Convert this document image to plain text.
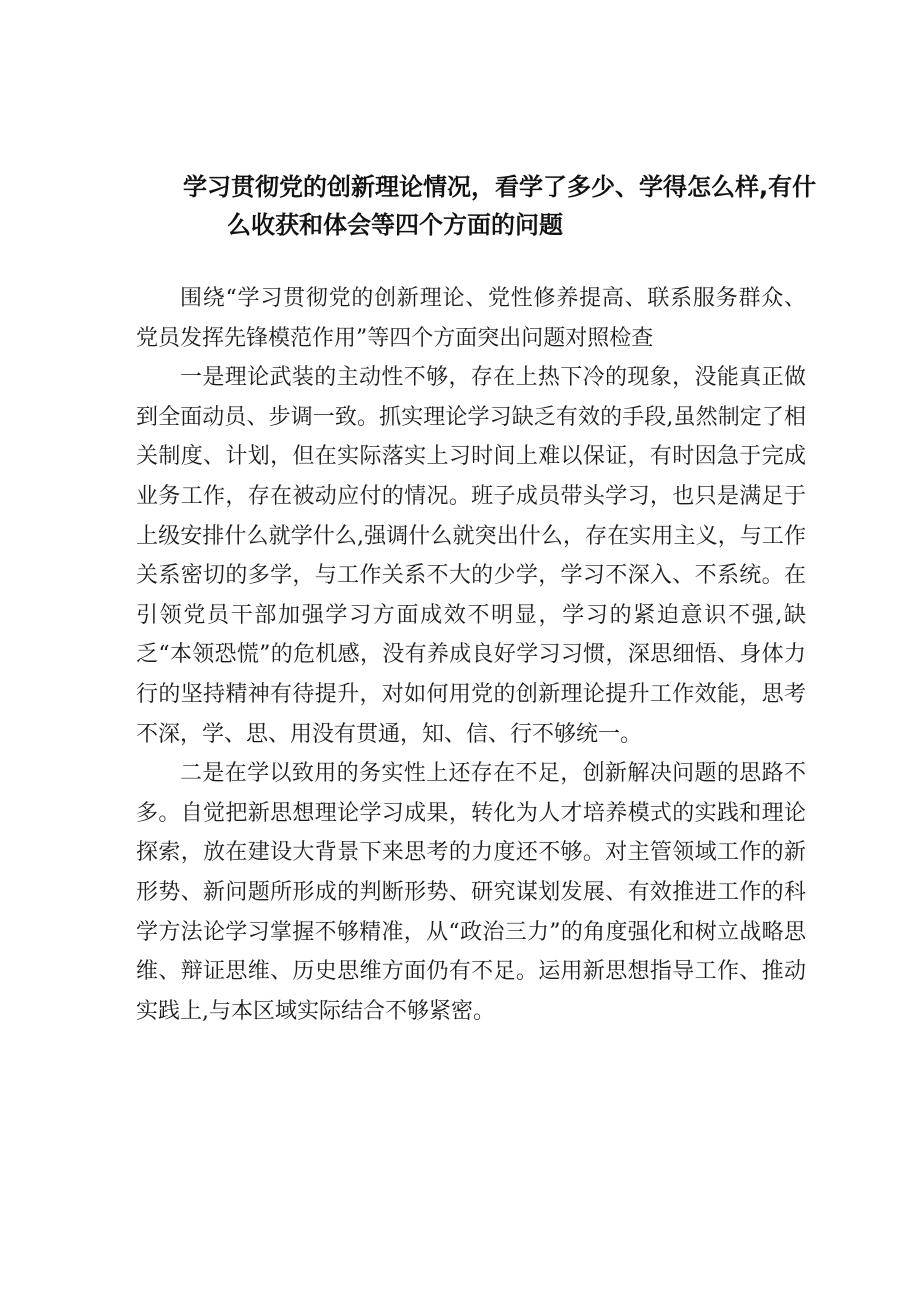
学习贯彻党的创新理论情况，看学了多少、学得怎么样,有什
么收获和体会等四个方面的问题

围绕“学习贯彻党的创新理论、党性修养提高、联系服务群众、党员发挥先锋模范作用”等四个方面突出问题对照检查

一是理论武装的主动性不够，存在上热下冷的现象，没能真正做到全面动员、步调一致。抓实理论学习缺乏有效的手段,虽然制定了相关制度、计划，但在实际落实上习时间上难以保证，有时因急于完成业务工作，存在被动应付的情况。班子成员带头学习，也只是满足于上级安排什么就学什么,强调什么就突出什么，存在实用主义，与工作关系密切的多学，与工作关系不大的少学，学习不深入、不系统。在引领党员干部加强学习方面成效不明显，学习的紧迫意识不强,缺乏“本领恐慌”的危机感，没有养成良好学习习惯，深思细悟、身体力行的坚持精神有待提升，对如何用党的创新理论提升工作效能，思考不深，学、思、用没有贯通，知、信、行不够统一。

二是在学以致用的务实性上还存在不足，创新解决问题的思路不多。自觉把新思想理论学习成果，转化为人才培养模式的实践和理论探索，放在建设大背景下来思考的力度还不够。对主管领域工作的新形势、新问题所形成的判断形势、研究谋划发展、有效推进工作的科学方法论学习掌握不够精准，从“政治三力”的角度强化和树立战略思维、辩证思维、历史思维方面仍有不足。运用新思想指导工作、推动实践上,与本区域实际结合不够紧密。
